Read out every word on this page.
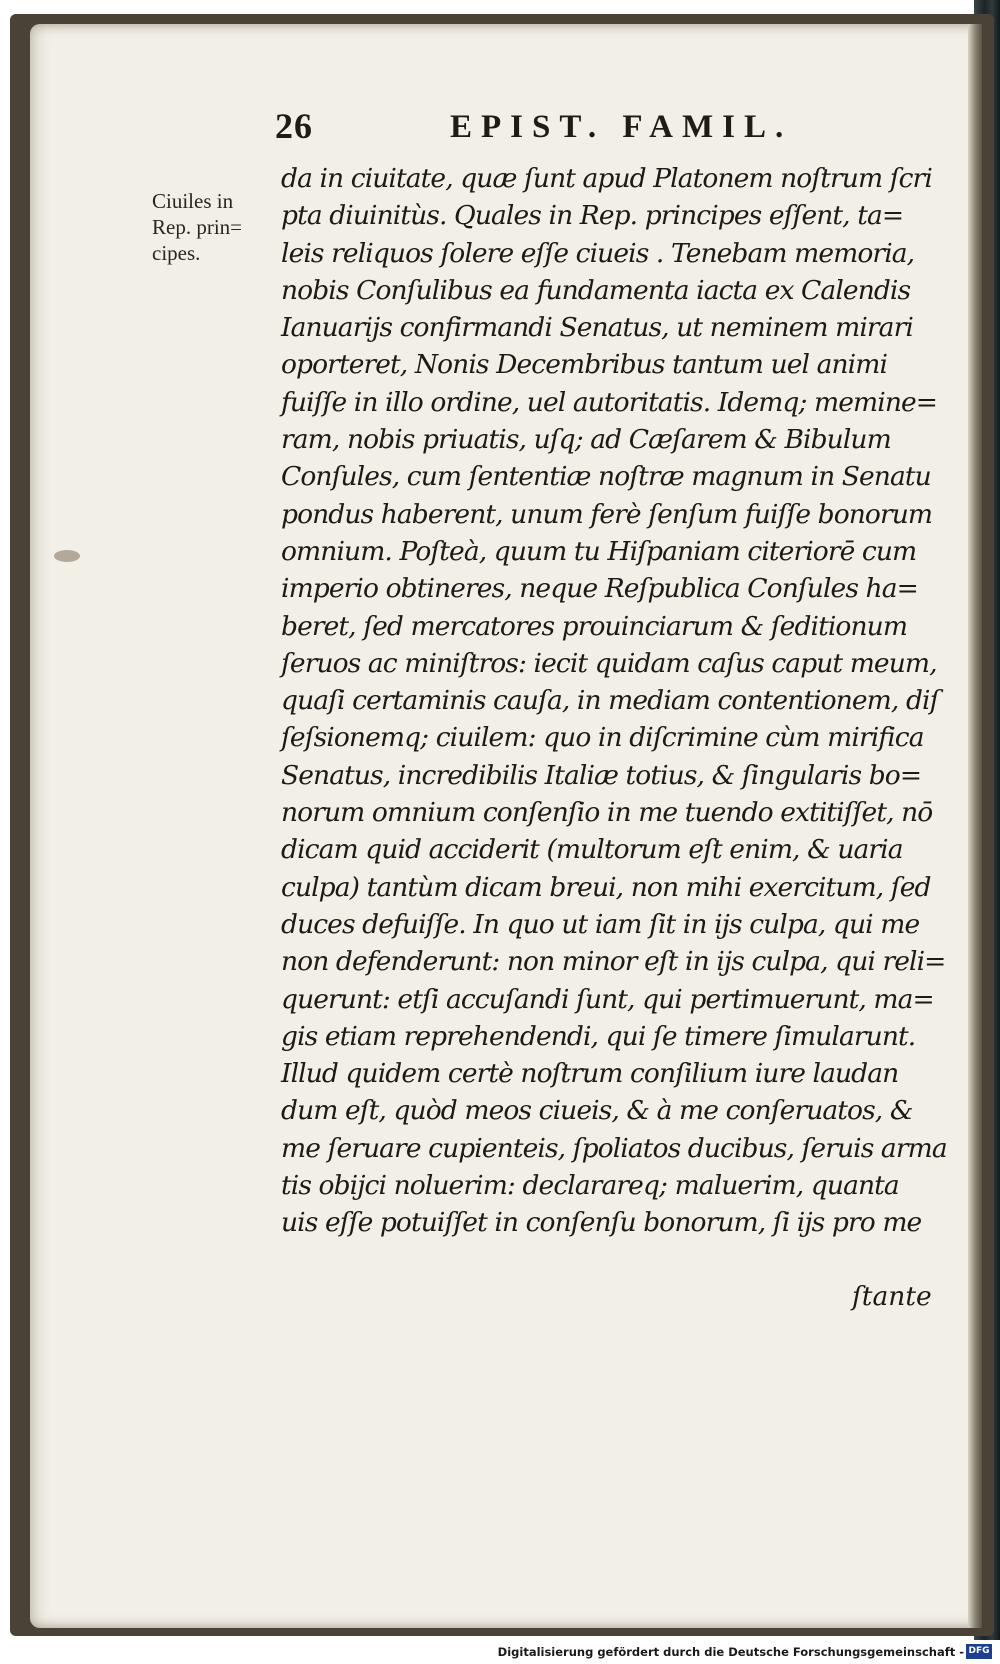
26	EPIST. FAMIL.
Ciuiles in
Rep. prin=
cipes.
da in ciuitate, quæ ſunt apud Platonem noſtrum ſcri
pta diuinitùs. Quales in Rep. principes eſſent, ta=
leis reliquos ſolere eſſe ciueis . Tenebam memoria,
nobis Conſulibus ea fundamenta iacta ex Calendis
Ianuarijs confirmandi Senatus, ut neminem mirari
oporteret, Nonis Decembribus tantum uel animi
fuiſſe in illo ordine, uel autoritatis. Idemq; memine=
ram, nobis priuatis, uſq; ad Cæſarem & Bibulum
Conſules, cum ſententiæ noſtræ magnum in Senatu
pondus haberent, unum ferè ſenſum fuiſſe bonorum
omnium. Poſteà, quum tu Hiſpaniam citeriorē cum
imperio obtineres, neque Reſpublica Conſules ha=
beret, ſed mercatores prouinciarum & ſeditionum
ſeruos ac miniſtros: iecit quidam caſus caput meum,
quaſi certaminis cauſa, in mediam contentionem, diſ
ſeſsionemq; ciuilem: quo in diſcrimine cùm mirifica
Senatus, incredibilis Italiæ totius, & ſingularis bo=
norum omnium conſenſio in me tuendo extitiſſet, nō
dicam quid acciderit (multorum eſt enim, & uaria
culpa) tantùm dicam breui, non mihi exercitum, ſed
duces defuiſſe. In quo ut iam ſit in ijs culpa, qui me
non defenderunt: non minor eſt in ijs culpa, qui reli=
querunt: etſi accuſandi ſunt, qui pertimuerunt, ma=
gis etiam reprehendendi, qui ſe timere ſimularunt.
Illud quidem certè noſtrum conſilium iure laudan
dum eſt, quòd meos ciueis, & à me conſeruatos, &
me ſeruare cupienteis, ſpoliatos ducibus, ſeruis arma
tis obijci noluerim: declarareq; maluerim, quanta
uis eſſe potuiſſet in conſenſu bonorum, ſi ijs pro me
ſtante
Digitalisierung gefördert durch die Deutsche Forschungsgemeinschaft - DFG
